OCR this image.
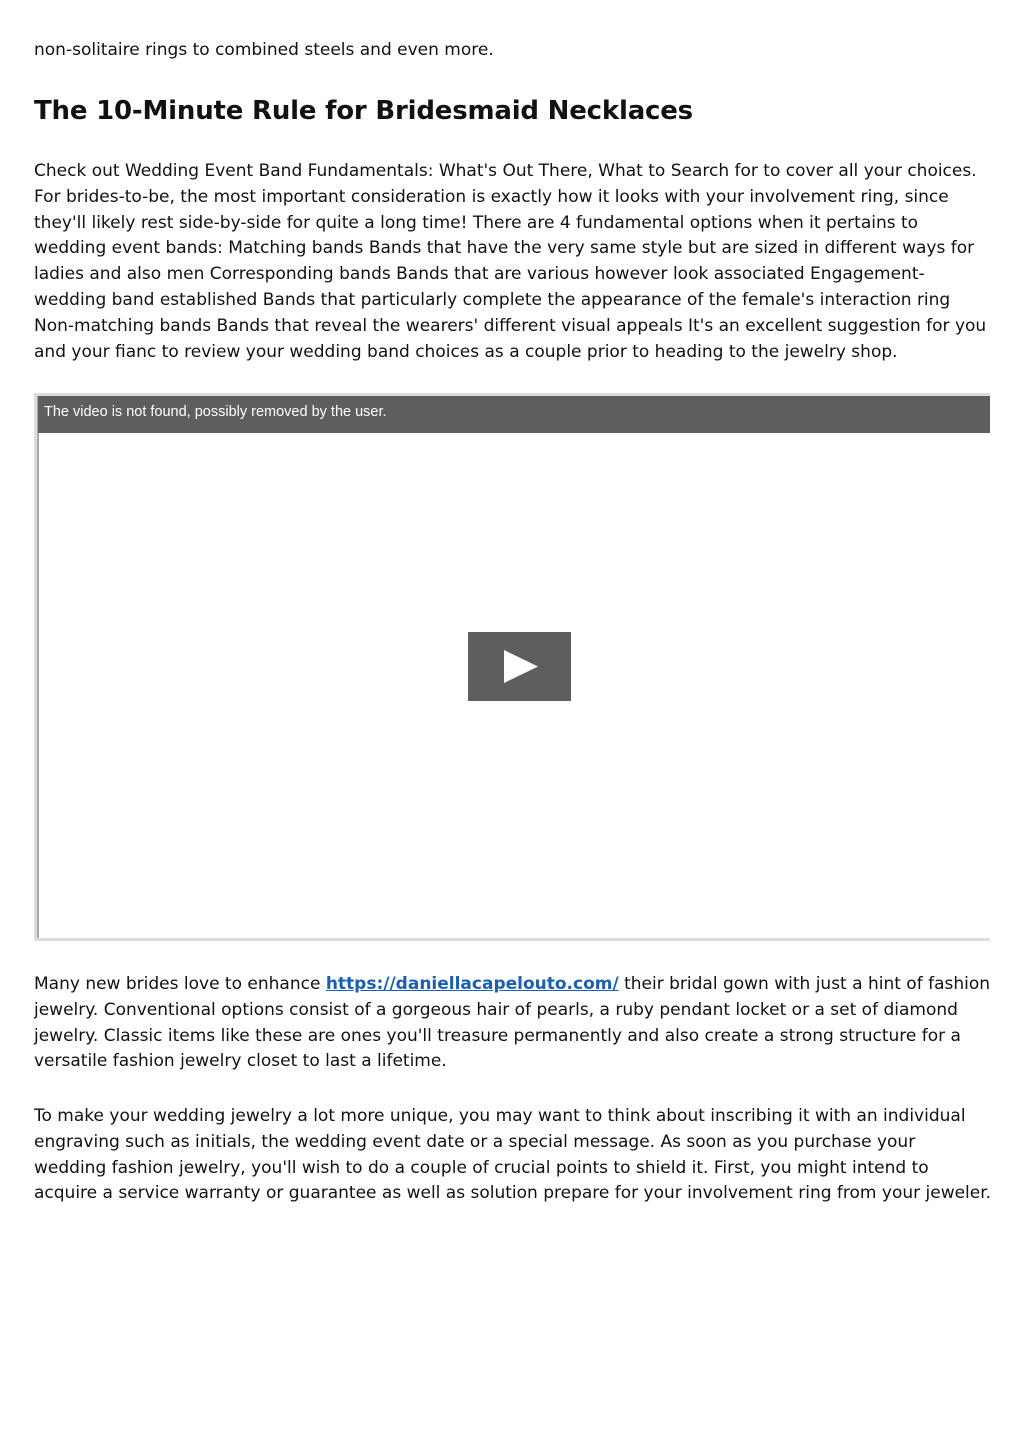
non-solitaire rings to combined steels and even more.

The 10-Minute Rule for Bridesmaid Necklaces

Check out Wedding Event Band Fundamentals: What's Out There, What to Search for to cover all your choices. For brides-to-be, the most important consideration is exactly how it looks with your involvement ring, since they'll likely rest side-by-side for quite a long time! There are 4 fundamental options when it pertains to wedding event bands: Matching bands Bands that have the very same style but are sized in different ways for ladies and also men Corresponding bands Bands that are various however look associated Engagement-wedding band established Bands that particularly complete the appearance of the female's interaction ring Non-matching bands Bands that reveal the wearers' different visual appeals It's an excellent suggestion for you and your fianc to review your wedding band choices as a couple prior to heading to the jewelry shop.

The video is not found, possibly removed by the user.

Many new brides love to enhance https://daniellacapelouto.com/ their bridal gown with just a hint of fashion jewelry. Conventional options consist of a gorgeous hair of pearls, a ruby pendant locket or a set of diamond jewelry. Classic items like these are ones you'll treasure permanently and also create a strong structure for a versatile fashion jewelry closet to last a lifetime.

To make your wedding jewelry a lot more unique, you may want to think about inscribing it with an individual engraving such as initials, the wedding event date or a special message. As soon as you purchase your wedding fashion jewelry, you'll wish to do a couple of crucial points to shield it. First, you might intend to acquire a service warranty or guarantee as well as solution prepare for your involvement ring from your jeweler.
